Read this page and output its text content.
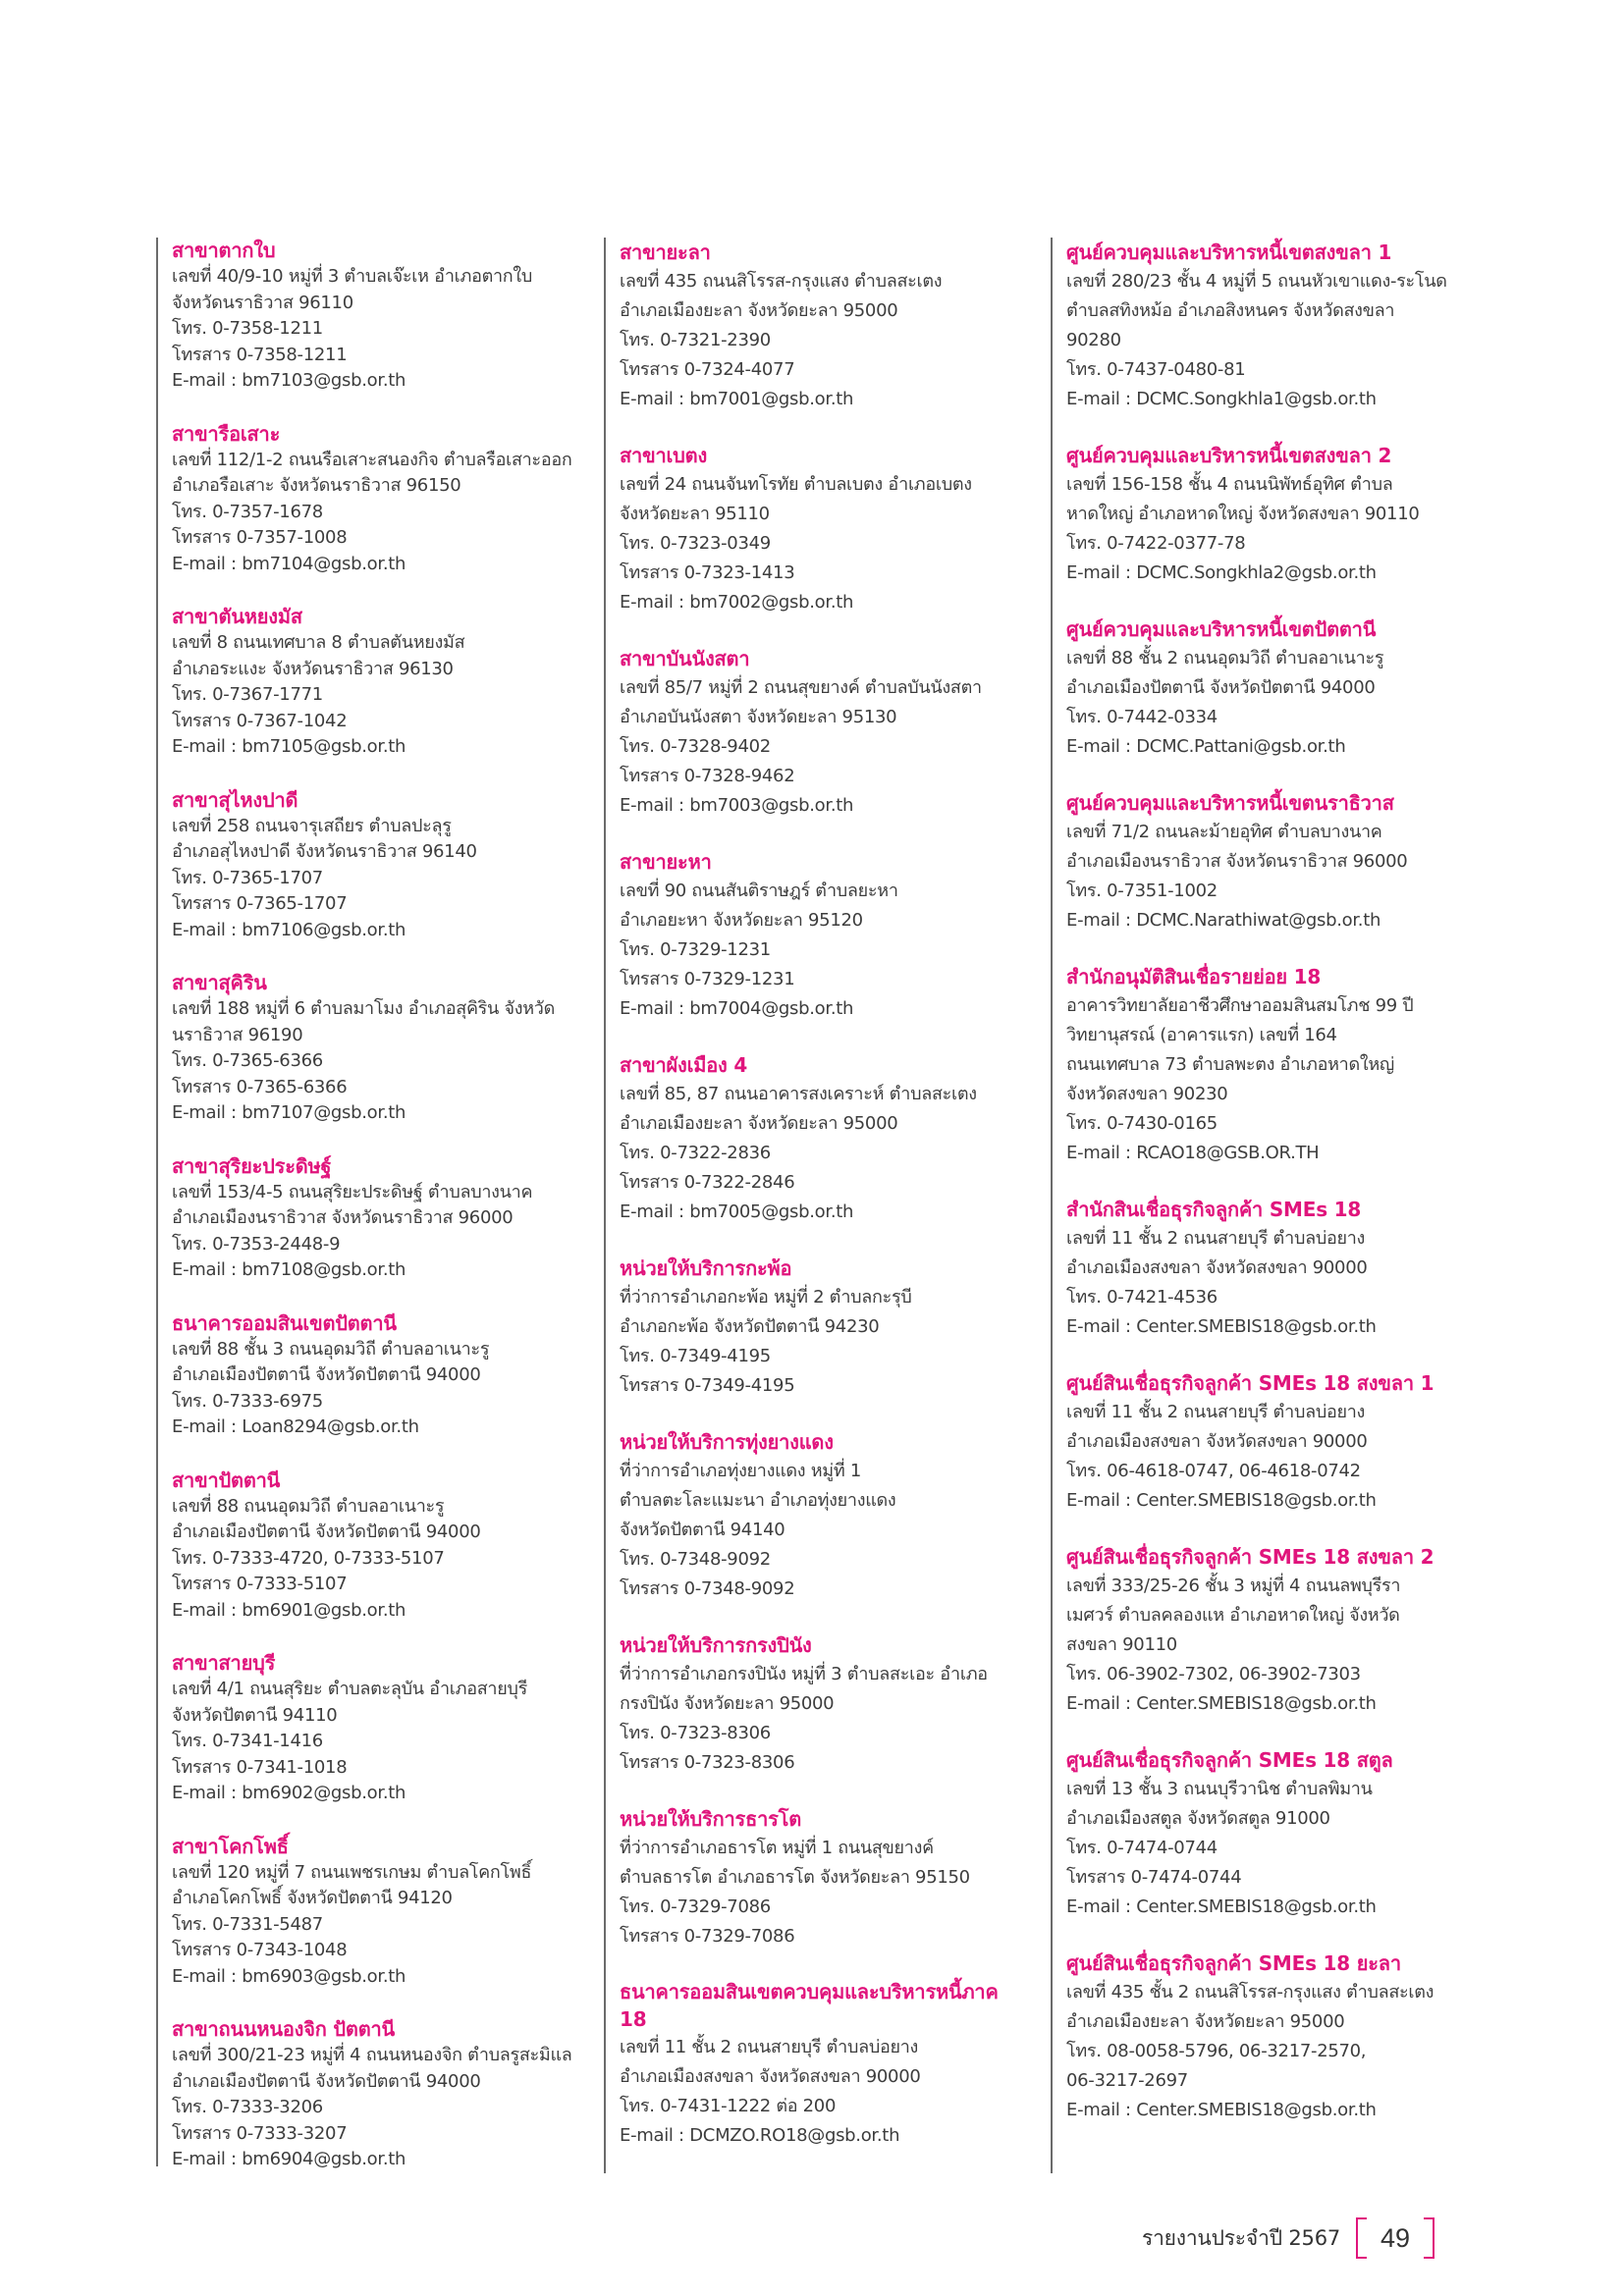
สาขาตากใบ
เลขที่ 40/9-10 หมู่ที่ 3 ตำบลเจ๊ะเห อำเภอตากใบ
จังหวัดนราธิวาส 96110
โทร. 0-7358-1211
โทรสาร 0-7358-1211
E-mail : bm7103@gsb.or.th
สาขารือเสาะ
เลขที่ 112/1-2 ถนนรือเสาะสนองกิจ ตำบลรือเสาะออก
อำเภอรือเสาะ จังหวัดนราธิวาส 96150
โทร. 0-7357-1678
โทรสาร 0-7357-1008
E-mail : bm7104@gsb.or.th
สาขาตันหยงมัส
เลขที่ 8 ถนนเทศบาล 8 ตำบลตันหยงมัส
อำเภอระแงะ จังหวัดนราธิวาส 96130
โทร. 0-7367-1771
โทรสาร 0-7367-1042
E-mail : bm7105@gsb.or.th
สาขาสุไหงปาดี
เลขที่ 258 ถนนจารุเสถียร ตำบลปะลุรู
อำเภอสุไหงปาดี จังหวัดนราธิวาส 96140
โทร. 0-7365-1707
โทรสาร 0-7365-1707
E-mail : bm7106@gsb.or.th
สาขาสุคิริน
เลขที่ 188 หมู่ที่ 6 ตำบลมาโมง อำเภอสุคิริน จังหวัด
นราธิวาส 96190
โทร. 0-7365-6366
โทรสาร 0-7365-6366
E-mail : bm7107@gsb.or.th
สาขาสุริยะประดิษฐ์
เลขที่ 153/4-5 ถนนสุริยะประดิษฐ์ ตำบลบางนาค
อำเภอเมืองนราธิวาส จังหวัดนราธิวาส 96000
โทร. 0-7353-2448-9
E-mail : bm7108@gsb.or.th
ธนาคารออมสินเขตปัตตานี
เลขที่ 88 ชั้น 3 ถนนอุดมวิถี ตำบลอาเนาะรู
อำเภอเมืองปัตตานี จังหวัดปัตตานี 94000
โทร. 0-7333-6975
E-mail : Loan8294@gsb.or.th
สาขาปัตตานี
เลขที่ 88 ถนนอุดมวิถี ตำบลอาเนาะรู
อำเภอเมืองปัตตานี จังหวัดปัตตานี 94000
โทร. 0-7333-4720, 0-7333-5107
โทรสาร 0-7333-5107
E-mail : bm6901@gsb.or.th
สาขาสายบุรี
เลขที่ 4/1 ถนนสุริยะ ตำบลตะลุบัน อำเภอสายบุรี
จังหวัดปัตตานี 94110
โทร. 0-7341-1416
โทรสาร 0-7341-1018
E-mail : bm6902@gsb.or.th
สาขาโคกโพธิ์
เลขที่ 120 หมู่ที่ 7 ถนนเพชรเกษม ตำบลโคกโพธิ์
อำเภอโคกโพธิ์ จังหวัดปัตตานี 94120
โทร. 0-7331-5487
โทรสาร 0-7343-1048
E-mail : bm6903@gsb.or.th
สาขาถนนหนองจิก ปัตตานี
เลขที่ 300/21-23 หมู่ที่ 4 ถนนหนองจิก ตำบลรูสะมิแล
อำเภอเมืองปัตตานี จังหวัดปัตตานี 94000
โทร. 0-7333-3206
โทรสาร 0-7333-3207
E-mail : bm6904@gsb.or.th
สาขายะลา
เลขที่ 435 ถนนสิโรรส-กรุงแสง ตำบลสะเตง
อำเภอเมืองยะลา จังหวัดยะลา 95000
โทร. 0-7321-2390
โทรสาร 0-7324-4077
E-mail : bm7001@gsb.or.th
สาขาเบตง
เลขที่ 24 ถนนจันทโรทัย ตำบลเบตง อำเภอเบตง
จังหวัดยะลา 95110
โทร. 0-7323-0349
โทรสาร 0-7323-1413
E-mail : bm7002@gsb.or.th
สาขาบันนังสตา
เลขที่ 85/7 หมู่ที่ 2 ถนนสุขยางค์ ตำบลบันนังสตา
อำเภอบันนังสตา จังหวัดยะลา 95130
โทร. 0-7328-9402
โทรสาร 0-7328-9462
E-mail : bm7003@gsb.or.th
สาขายะหา
เลขที่ 90 ถนนสันติราษฎร์ ตำบลยะหา
อำเภอยะหา จังหวัดยะลา 95120
โทร. 0-7329-1231
โทรสาร 0-7329-1231
E-mail : bm7004@gsb.or.th
สาขาผังเมือง 4
เลขที่ 85, 87 ถนนอาคารสงเคราะห์ ตำบลสะเตง
อำเภอเมืองยะลา จังหวัดยะลา 95000
โทร. 0-7322-2836
โทรสาร 0-7322-2846
E-mail : bm7005@gsb.or.th
หน่วยให้บริการกะพ้อ
ที่ว่าการอำเภอกะพ้อ หมู่ที่ 2 ตำบลกะรุบี
อำเภอกะพ้อ จังหวัดปัตตานี 94230
โทร. 0-7349-4195
โทรสาร 0-7349-4195
หน่วยให้บริการทุ่งยางแดง
ที่ว่าการอำเภอทุ่งยางแดง หมู่ที่ 1
ตำบลตะโละแมะนา อำเภอทุ่งยางแดง
จังหวัดปัตตานี 94140
โทร. 0-7348-9092
โทรสาร 0-7348-9092
หน่วยให้บริการกรงปินัง
ที่ว่าการอำเภอกรงปินัง หมู่ที่ 3 ตำบลสะเอะ อำเภอ
กรงปินัง จังหวัดยะลา 95000
โทร. 0-7323-8306
โทรสาร 0-7323-8306
หน่วยให้บริการธารโต
ที่ว่าการอำเภอธารโต หมู่ที่ 1 ถนนสุขยางค์
ตำบลธารโต อำเภอธารโต จังหวัดยะลา 95150
โทร. 0-7329-7086
โทรสาร 0-7329-7086
ธนาคารออมสินเขตควบคุมและบริหารหนี้ภาค 18
เลขที่ 11 ชั้น 2 ถนนสายบุรี ตำบลบ่อยาง
อำเภอเมืองสงขลา จังหวัดสงขลา 90000
โทร. 0-7431-1222 ต่อ 200
E-mail : DCMZO.RO18@gsb.or.th
ศูนย์ควบคุมและบริหารหนี้เขตสงขลา 1
เลขที่ 280/23 ชั้น 4 หมู่ที่ 5 ถนนหัวเขาแดง-ระโนด
ตำบลสทิงหม้อ อำเภอสิงหนคร จังหวัดสงขลา
90280
โทร. 0-7437-0480-81
E-mail : DCMC.Songkhla1@gsb.or.th
ศูนย์ควบคุมและบริหารหนี้เขตสงขลา 2
เลขที่ 156-158 ชั้น 4 ถนนนิพัทธ์อุทิศ ตำบล
หาดใหญ่ อำเภอหาดใหญ่ จังหวัดสงขลา 90110
โทร. 0-7422-0377-78
E-mail : DCMC.Songkhla2@gsb.or.th
ศูนย์ควบคุมและบริหารหนี้เขตปัตตานี
เลขที่ 88 ชั้น 2 ถนนอุดมวิถี ตำบลอาเนาะรู
อำเภอเมืองปัตตานี จังหวัดปัตตานี 94000
โทร. 0-7442-0334
E-mail : DCMC.Pattani@gsb.or.th
ศูนย์ควบคุมและบริหารหนี้เขตนราธิวาส
เลขที่ 71/2 ถนนละม้ายอุทิศ ตำบลบางนาค
อำเภอเมืองนราธิวาส จังหวัดนราธิวาส 96000
โทร. 0-7351-1002
E-mail : DCMC.Narathiwat@gsb.or.th
สำนักอนุมัติสินเชื่อรายย่อย 18
อาคารวิทยาลัยอาชีวศึกษาออมสินสมโภช 99 ปี
วิทยานุสรณ์ (อาคารแรก) เลขที่ 164
ถนนเทศบาล 73 ตำบลพะตง อำเภอหาดใหญ่
จังหวัดสงขลา 90230
โทร. 0-7430-0165
E-mail : RCAO18@GSB.OR.TH
สำนักสินเชื่อธุรกิจลูกค้า SMEs 18
เลขที่ 11 ชั้น 2 ถนนสายบุรี ตำบลบ่อยาง
อำเภอเมืองสงขลา จังหวัดสงขลา 90000
โทร. 0-7421-4536
E-mail : Center.SMEBIS18@gsb.or.th
ศูนย์สินเชื่อธุรกิจลูกค้า SMEs 18 สงขลา 1
เลขที่ 11 ชั้น 2 ถนนสายบุรี ตำบลบ่อยาง
อำเภอเมืองสงขลา จังหวัดสงขลา 90000
โทร. 06-4618-0747, 06-4618-0742
E-mail : Center.SMEBIS18@gsb.or.th
ศูนย์สินเชื่อธุรกิจลูกค้า SMEs 18 สงขลา 2
เลขที่ 333/25-26 ชั้น 3 หมู่ที่ 4 ถนนลพบุรีรา
เมศวร์ ตำบลคลองแห อำเภอหาดใหญ่ จังหวัด
สงขลา 90110
โทร. 06-3902-7302, 06-3902-7303
E-mail : Center.SMEBIS18@gsb.or.th
ศูนย์สินเชื่อธุรกิจลูกค้า SMEs 18 สตูล
เลขที่ 13 ชั้น 3 ถนนบุรีวานิช ตำบลพิมาน
อำเภอเมืองสตูล จังหวัดสตูล 91000
โทร. 0-7474-0744
โทรสาร 0-7474-0744
E-mail : Center.SMEBIS18@gsb.or.th
ศูนย์สินเชื่อธุรกิจลูกค้า SMEs 18 ยะลา
เลขที่ 435 ชั้น 2 ถนนสิโรรส-กรุงแสง ตำบลสะเตง
อำเภอเมืองยะลา จังหวัดยะลา 95000
โทร. 08-0058-5796, 06-3217-2570,
06-3217-2697
E-mail : Center.SMEBIS18@gsb.or.th
รายงานประจำปี 2567	49
